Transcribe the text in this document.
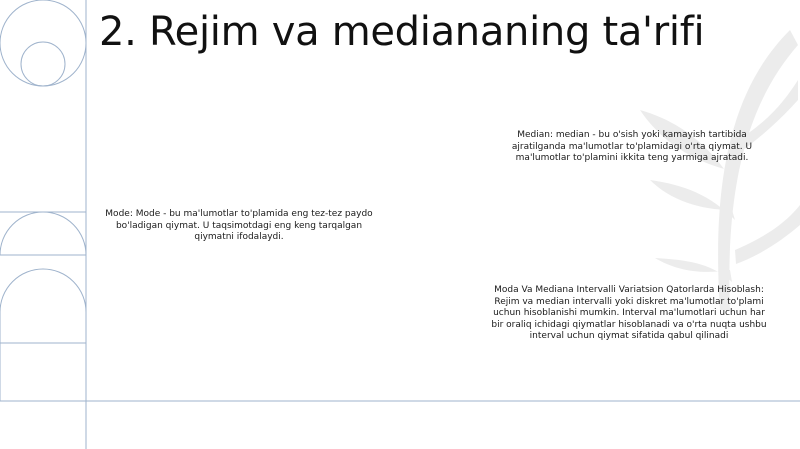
2. Rejim va mediananing ta'rifi
Median: median - bu o'sish yoki kamayish tartibida ajratilganda ma'lumotlar to'plamidagi o'rta qiymat. U ma'lumotlar to'plamini ikkita teng yarmiga ajratadi.
Mode: Mode - bu ma'lumotlar to'plamida eng tez-tez paydo bo'ladigan qiymat. U taqsimotdagi eng keng tarqalgan qiymatni ifodalaydi.
Moda Va Mediana Intervalli Variatsion Qatorlarda Hisoblash: Rejim va median intervalli yoki diskret ma'lumotlar to'plami uchun hisoblanishi mumkin. Interval ma'lumotlari uchun har bir oraliq ichidagi qiymatlar hisoblanadi va o'rta nuqta ushbu interval uchun qiymat sifatida qabul qilinadi
